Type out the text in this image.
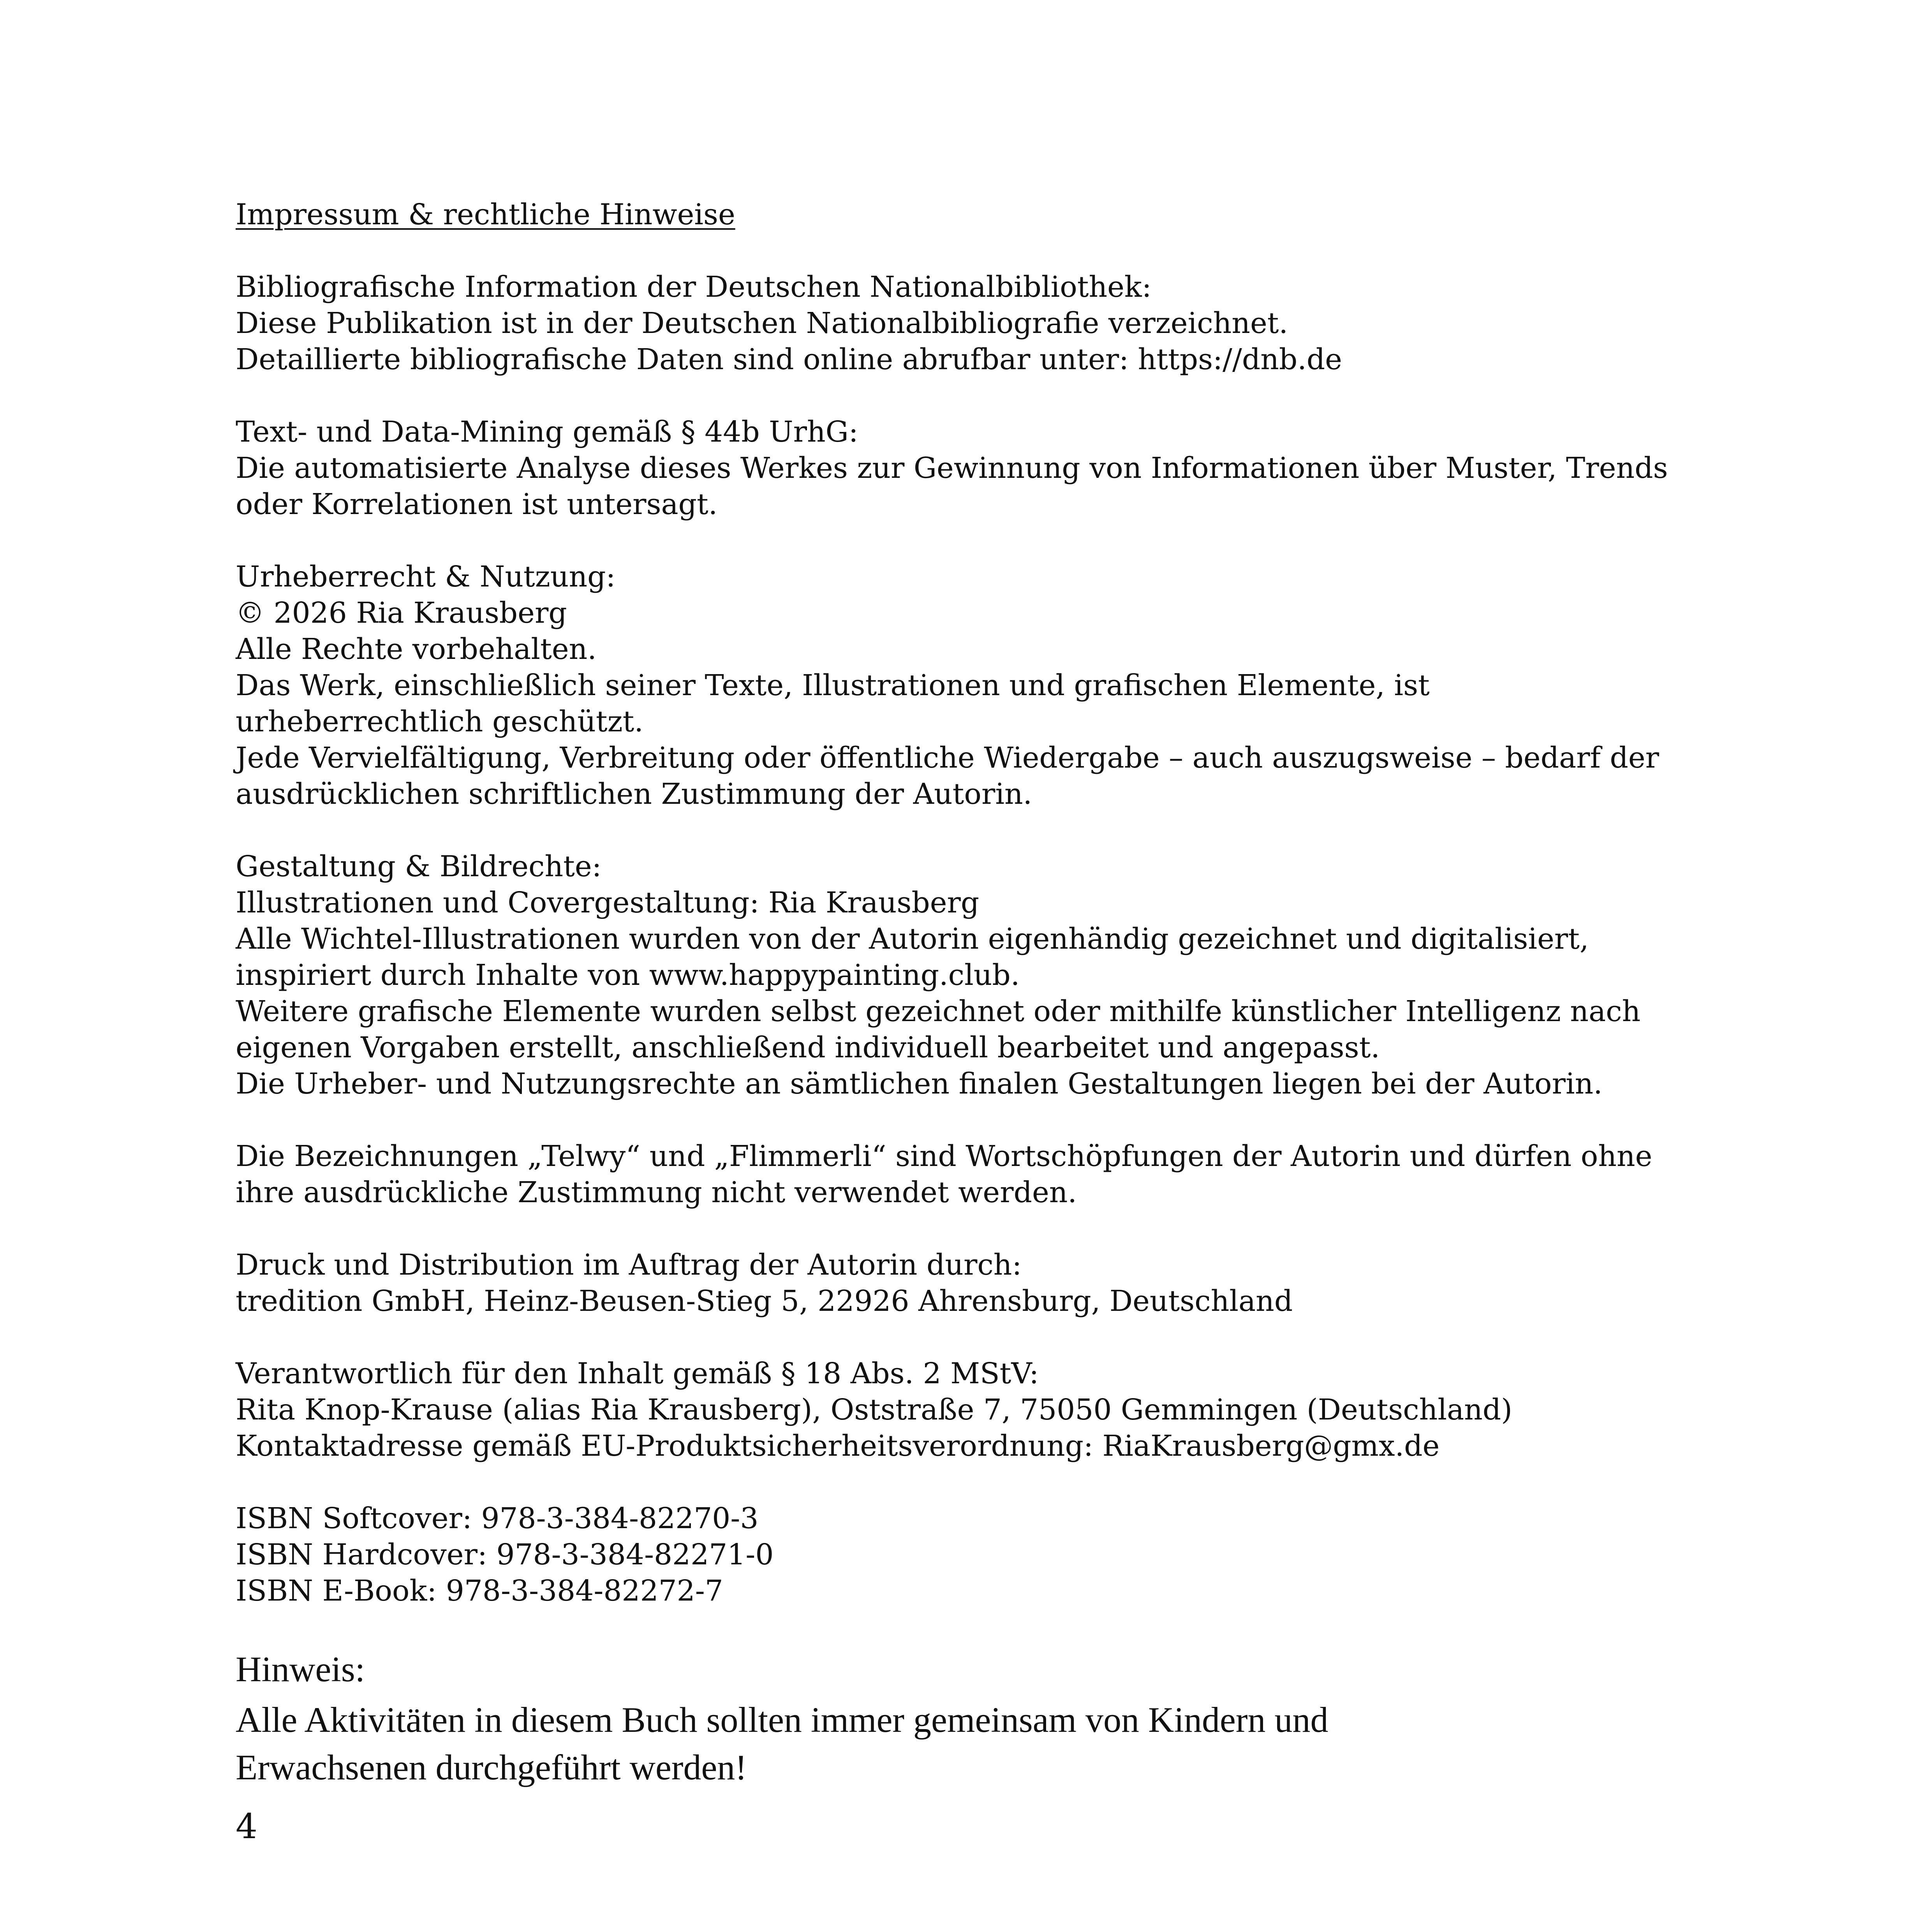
Impressum & rechtliche Hinweise
Bibliografische Information der Deutschen Nationalbibliothek:
Diese Publikation ist in der Deutschen Nationalbibliografie verzeichnet.
Detaillierte bibliografische Daten sind online abrufbar unter: https://dnb.de
Text- und Data-Mining gemäß § 44b UrhG:
Die automatisierte Analyse dieses Werkes zur Gewinnung von Informationen über Muster, Trends
oder Korrelationen ist untersagt.
Urheberrecht & Nutzung:
© 2026 Ria Krausberg
Alle Rechte vorbehalten.
Das Werk, einschließlich seiner Texte, Illustrationen und grafischen Elemente, ist
urheberrechtlich geschützt.
Jede Vervielfältigung, Verbreitung oder öffentliche Wiedergabe – auch auszugsweise – bedarf der
ausdrücklichen schriftlichen Zustimmung der Autorin.
Gestaltung & Bildrechte:
Illustrationen und Covergestaltung: Ria Krausberg
Alle Wichtel-Illustrationen wurden von der Autorin eigenhändig gezeichnet und digitalisiert,
inspiriert durch Inhalte von www.happypainting.club.
Weitere grafische Elemente wurden selbst gezeichnet oder mithilfe künstlicher Intelligenz nach
eigenen Vorgaben erstellt, anschließend individuell bearbeitet und angepasst.
Die Urheber- und Nutzungsrechte an sämtlichen finalen Gestaltungen liegen bei der Autorin.
Die Bezeichnungen „Telwy“ und „Flimmerli“ sind Wortschöpfungen der Autorin und dürfen ohne
ihre ausdrückliche Zustimmung nicht verwendet werden.
Druck und Distribution im Auftrag der Autorin durch:
tredition GmbH, Heinz-Beusen-Stieg 5, 22926 Ahrensburg, Deutschland
Verantwortlich für den Inhalt gemäß § 18 Abs. 2 MStV:
Rita Knop-Krause (alias Ria Krausberg), Oststraße 7, 75050 Gemmingen (Deutschland)
Kontaktadresse gemäß EU-Produktsicherheitsverordnung: RiaKrausberg@gmx.de
ISBN Softcover: 978-3-384-82270-3
ISBN Hardcover: 978-3-384-82271-0
ISBN E-Book: 978-3-384-82272-7
Hinweis:
Alle Aktivitäten in diesem Buch sollten immer gemeinsam von Kindern und
Erwachsenen durchgeführt werden!
4
